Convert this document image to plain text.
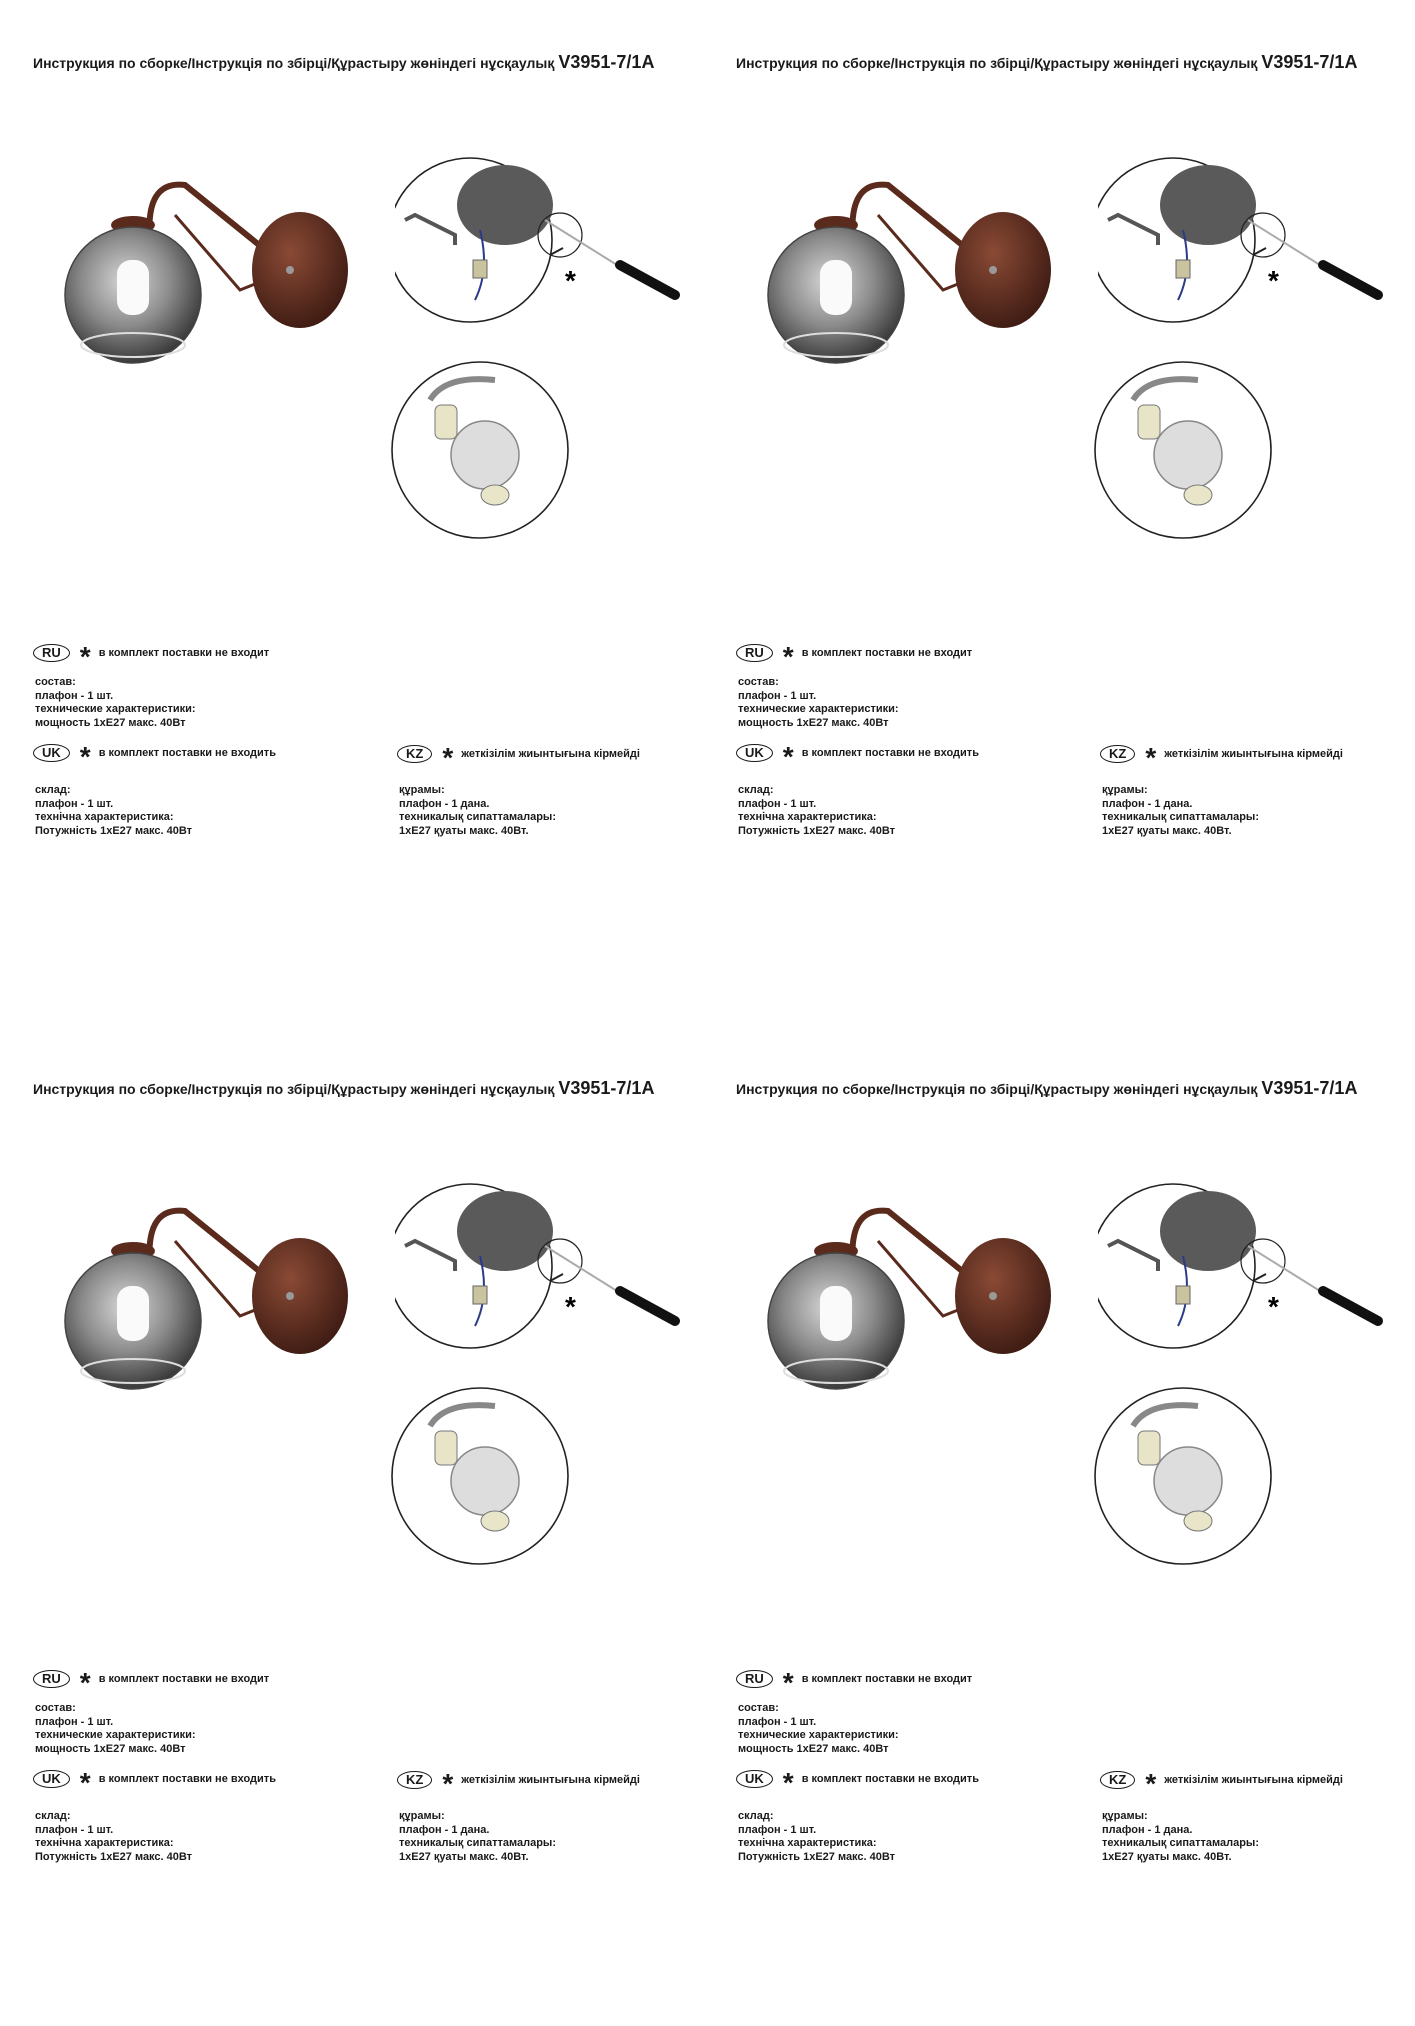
Инструкция по сборке/Інструкція по збірці/Құрастыру жөніндегі нұсқаулық V3951-7/1A
*
RU * в комплект поставки не входит
состав:
плафон - 1 шт.
технические характеристики:
мощность 1xE27 макс. 40Вт
UK * в комплект поставки не входить
склад:
плафон - 1 шт.
технічна характеристика:
Потужність 1xE27 макс. 40Вт
KZ * жеткізілім жиынтығына кірмейді
құрамы:
плафон - 1 дана.
техникалық сипаттамалары:
1xE27 қуаты макс. 40Вт.
Инструкция по сборке/Інструкція по збірці/Құрастыру жөніндегі нұсқаулық V3951-7/1A
*
RU * в комплект поставки не входит
состав:
плафон - 1 шт.
технические характеристики:
мощность 1xE27 макс. 40Вт
UK * в комплект поставки не входить
склад:
плафон - 1 шт.
технічна характеристика:
Потужність 1xE27 макс. 40Вт
KZ * жеткізілім жиынтығына кірмейді
құрамы:
плафон - 1 дана.
техникалық сипаттамалары:
1xE27 қуаты макс. 40Вт.
Инструкция по сборке/Інструкція по збірці/Құрастыру жөніндегі нұсқаулық V3951-7/1A
*
RU * в комплект поставки не входит
состав:
плафон - 1 шт.
технические характеристики:
мощность 1xE27 макс. 40Вт
UK * в комплект поставки не входить
склад:
плафон - 1 шт.
технічна характеристика:
Потужність 1xE27 макс. 40Вт
KZ * жеткізілім жиынтығына кірмейді
құрамы:
плафон - 1 дана.
техникалық сипаттамалары:
1xE27 қуаты макс. 40Вт.
Инструкция по сборке/Інструкція по збірці/Құрастыру жөніндегі нұсқаулық V3951-7/1A
*
RU * в комплект поставки не входит
состав:
плафон - 1 шт.
технические характеристики:
мощность 1xE27 макс. 40Вт
UK * в комплект поставки не входить
склад:
плафон - 1 шт.
технічна характеристика:
Потужність 1xE27 макс. 40Вт
KZ * жеткізілім жиынтығына кірмейді
құрамы:
плафон - 1 дана.
техникалық сипаттамалары:
1xE27 қуаты макс. 40Вт.
